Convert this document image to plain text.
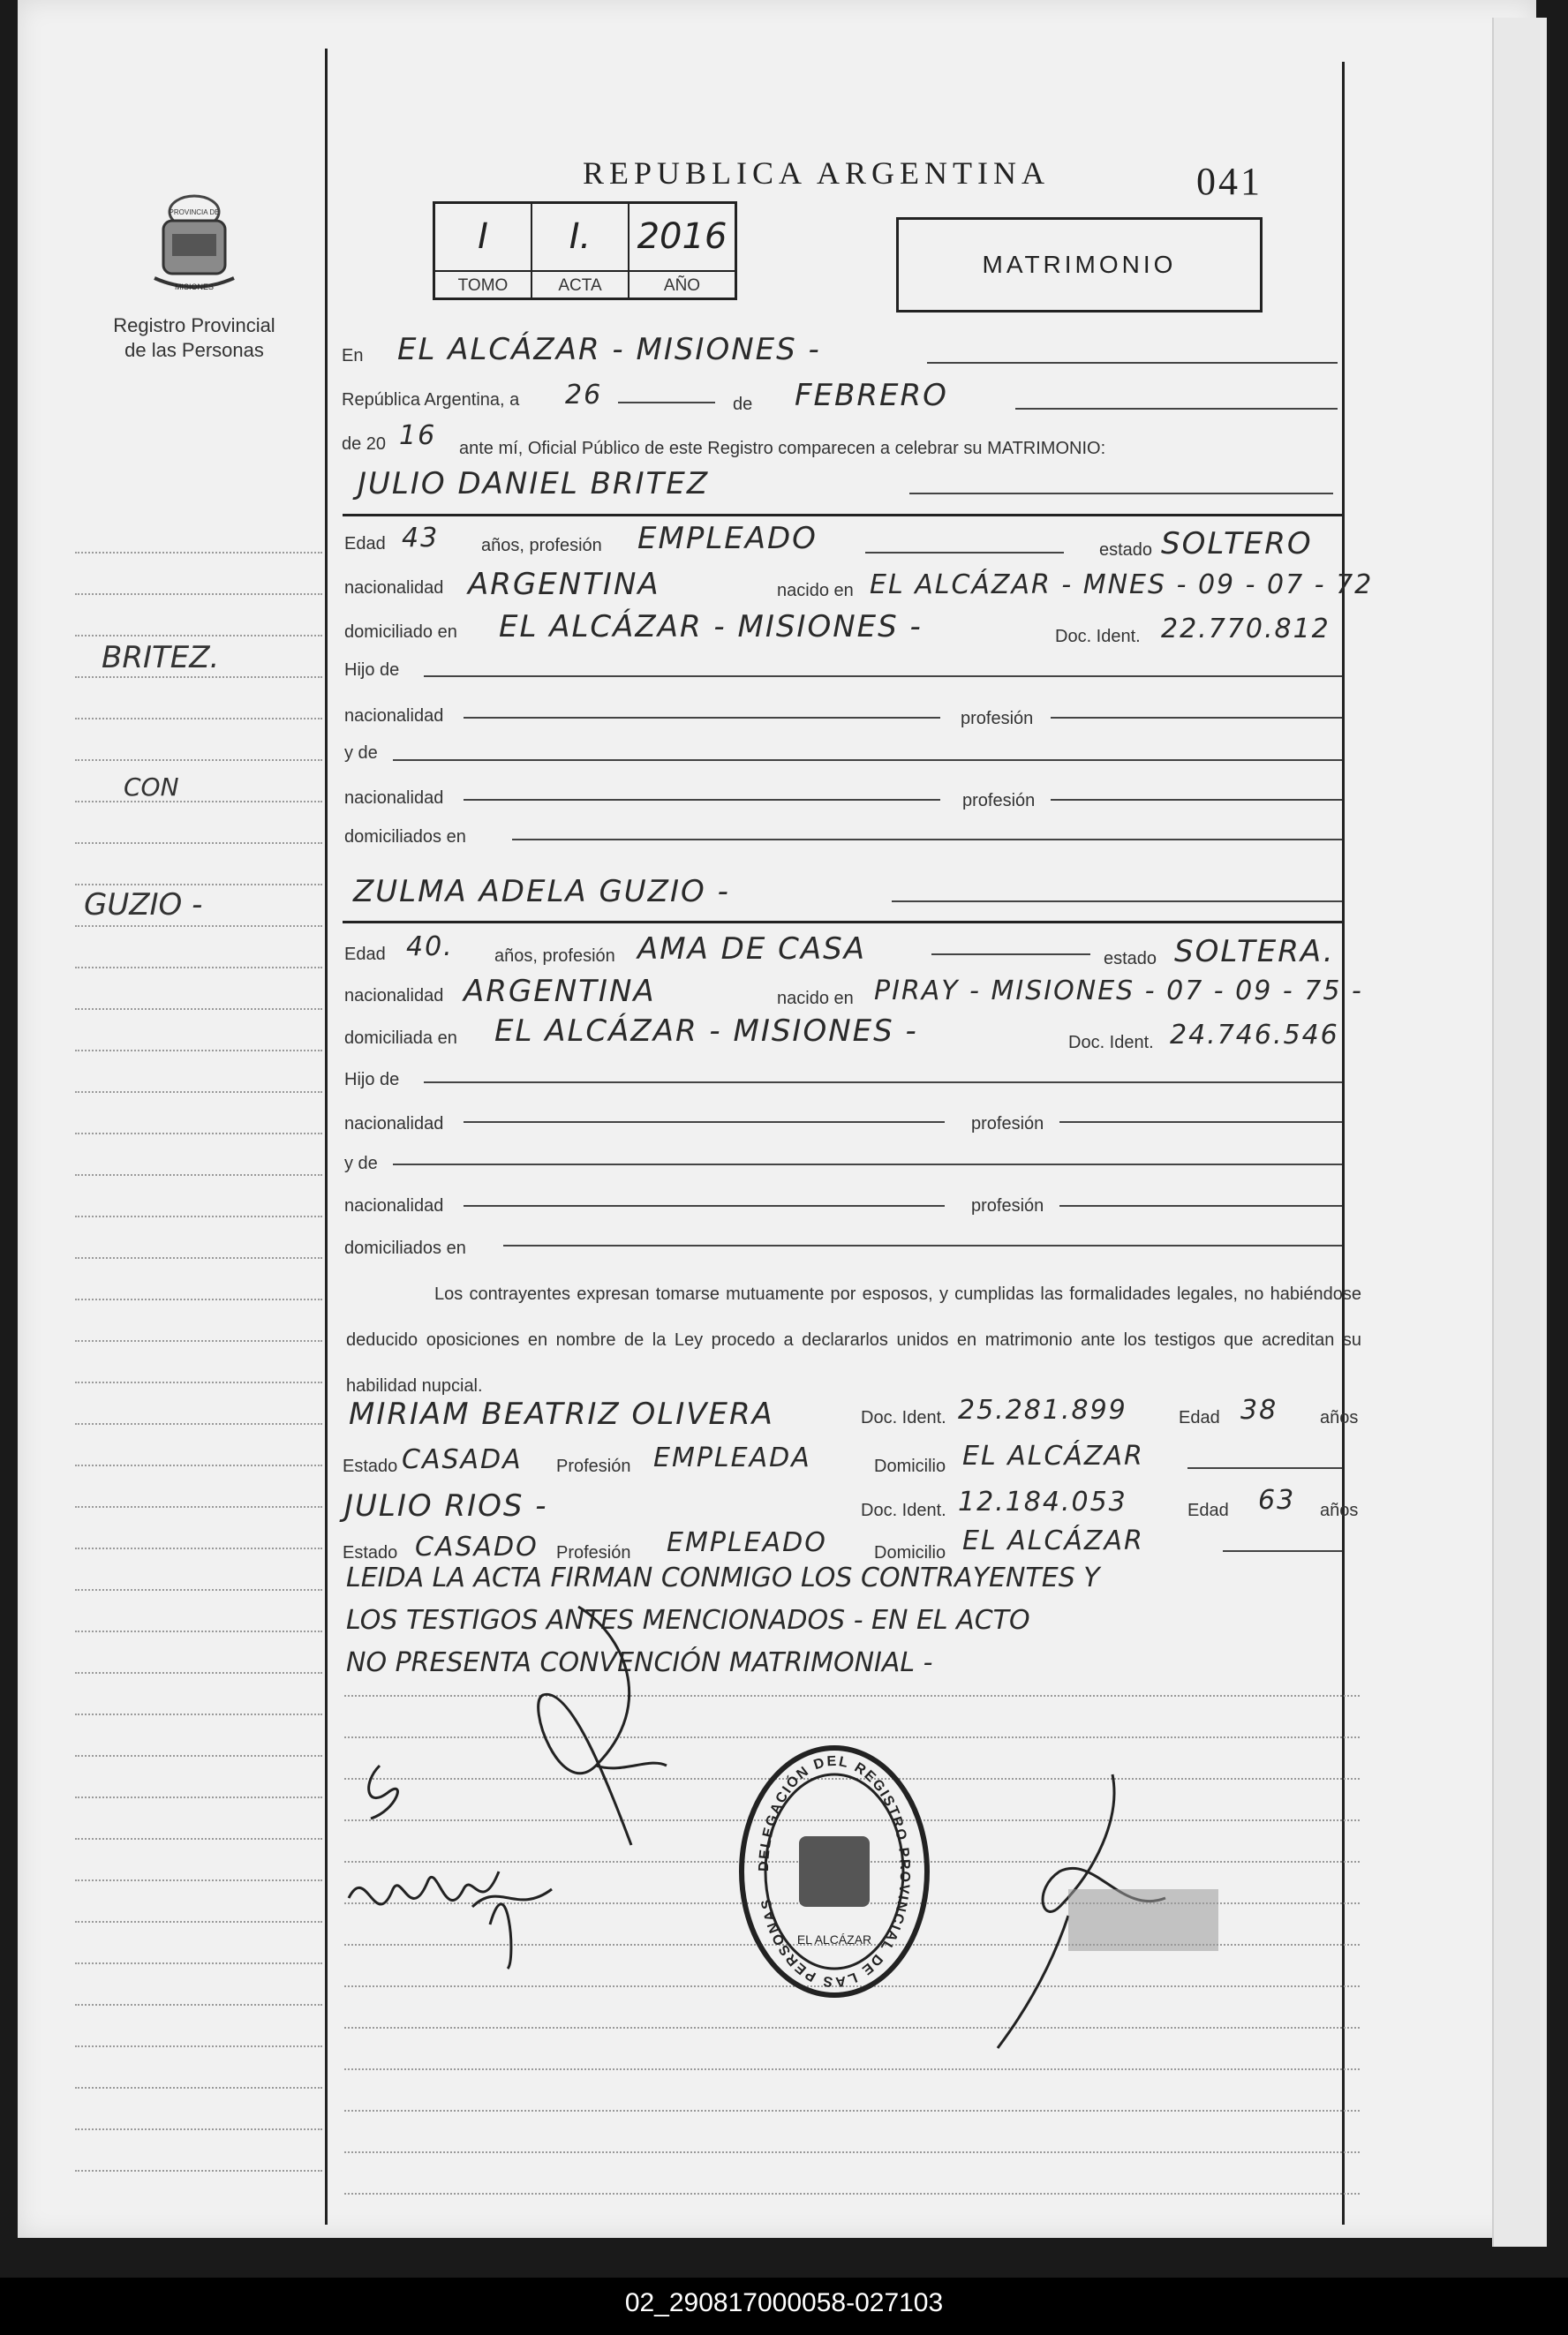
PROVINCIA DE
MISIONES
Registro Provincial
de las Personas
BRITEZ.
CON
GUZIO -
REPUBLICA ARGENTINA	041
I	I.	2016
TOMO	ACTA	AÑO
MATRIMONIO
En EL ALCÁZAR - MISIONES -
República Argentina, a 26	de FEBRERO
de 20 16 ante mí, Oficial Público de este Registro comparecen a celebrar su MATRIMONIO:
JULIO DANIEL BRITEZ
Edad 43 años, profesión EMPLEADO	estado SOLTERO
nacionalidad ARGENTINA	nacido en EL ALCÁZAR - MNES - 09 - 07 - 72
domiciliado en EL ALCÁZAR - MISIONES -	Doc. Ident. 22.770.812
Hijo de
nacionalidad	profesión
y de
nacionalidad	profesión
domiciliados en
ZULMA ADELA GUZIO -
Edad 40. años, profesión AMA DE CASA	estado SOLTERA.
nacionalidad ARGENTINA	nacido en PIRAY - MISIONES - 07 - 09 - 75 -
domiciliada en EL ALCÁZAR - MISIONES -	Doc. Ident. 24.746.546
Hijo de
nacionalidad	profesión
y de
nacionalidad	profesión
domiciliados en
Los contrayentes expresan tomarse mutuamente por esposos, y cumplidas las formalidades legales, no habiéndose deducido oposiciones en nombre de la Ley procedo a declararlos unidos en matrimonio ante los testigos que acreditan su habilidad nupcial.
MIRIAM BEATRIZ OLIVERA	Doc. Ident. 25.281.899	Edad 38 años
Estado CASADA Profesión EMPLEADA	Domicilio EL ALCÁZAR
JULIO RIOS -	Doc. Ident. 12.184.053	Edad 63 años
Estado CASADO Profesión EMPLEADO	Domicilio EL ALCÁZAR
LEIDA LA ACTA FIRMAN CONMIGO LOS CONTRAYENTES Y
LOS TESTIGOS ANTES MENCIONADOS - EN EL ACTO
NO PRESENTA CONVENCIÓN MATRIMONIAL -
DELEGACIÓN DEL REGISTRO PROVINCIAL DE LAS PERSONAS
EL ALCÁZAR
02_290817000058-027103
